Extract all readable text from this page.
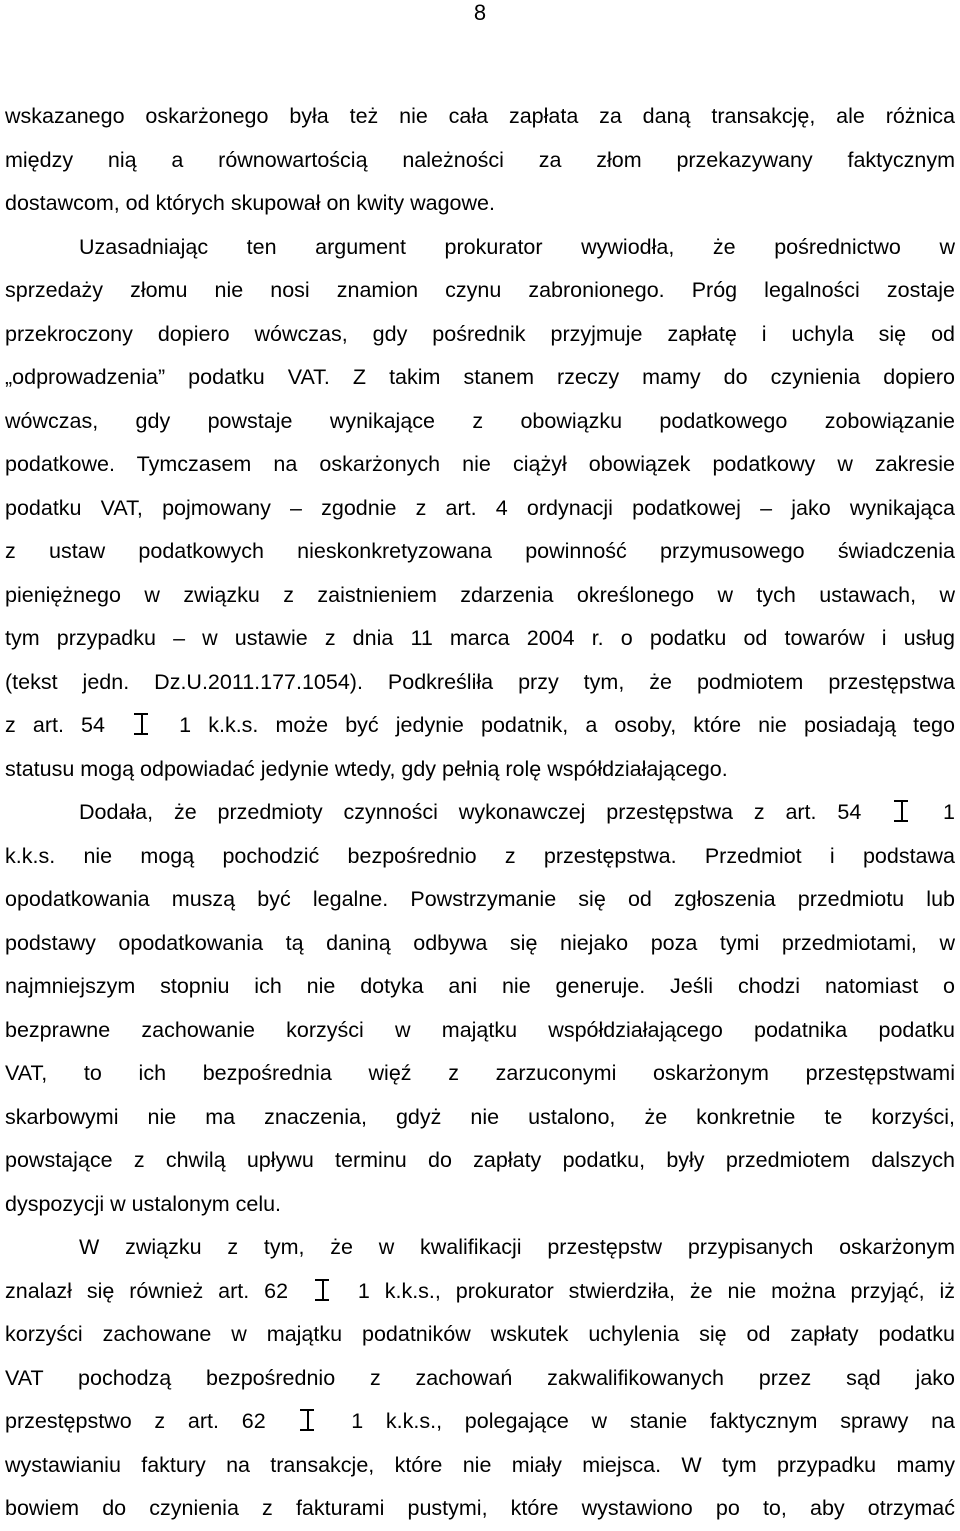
8
wskazanego oskarżonego była też nie cała zapłata za daną transakcję, ale różnica
między nią a równowartością należności za złom przekazywany faktycznym
dostawcom, od których skupował on kwity wagowe.
Uzasadniając ten argument prokurator wywiodła, że pośrednictwo w
sprzedaży złomu nie nosi znamion czynu zabronionego. Próg legalności zostaje
przekroczony dopiero wówczas, gdy pośrednik przyjmuje zapłatę i uchyla się od
„odprowadzenia” podatku VAT. Z takim stanem rzeczy mamy do czynienia dopiero
wówczas, gdy powstaje wynikające z obowiązku podatkowego zobowiązanie
podatkowe. Tymczasem na oskarżonych nie ciążył obowiązek podatkowy w zakresie
podatku VAT, pojmowany – zgodnie z art. 4 ordynacji podatkowej – jako wynikająca
z ustaw podatkowych nieskonkretyzowana powinność przymusowego świadczenia
pieniężnego w związku z zaistnieniem zdarzenia określonego w tych ustawach, w
tym przypadku – w ustawie z dnia 11 marca 2004 r. o podatku od towarów i usług
(tekst jedn. Dz.U.2011.177.1054). Podkreśliła przy tym, że podmiotem przestępstwa
z art. 54	1 k.k.s. może być jedynie podatnik, a osoby, które nie posiadają tego
statusu mogą odpowiadać jedynie wtedy, gdy pełnią rolę współdziałającego.
Dodała, że przedmioty czynności wykonawczej przestępstwa z art. 54	1
k.k.s. nie mogą pochodzić bezpośrednio z przestępstwa. Przedmiot i podstawa
opodatkowania muszą być legalne. Powstrzymanie się od zgłoszenia przedmiotu lub
podstawy opodatkowania tą daniną odbywa się niejako poza tymi przedmiotami, w
najmniejszym stopniu ich nie dotyka ani nie generuje. Jeśli chodzi natomiast o
bezprawne zachowanie korzyści w majątku współdziałającego podatnika podatku
VAT, to ich bezpośrednia więź z zarzuconymi oskarżonym przestępstwami
skarbowymi nie ma znaczenia, gdyż nie ustalono, że konkretnie te korzyści,
powstające z chwilą upływu terminu do zapłaty podatku, były przedmiotem dalszych
dyspozycji w ustalonym celu.
W związku z tym, że w kwalifikacji przestępstw przypisanych oskarżonym
znalazł się również art. 62	1 k.k.s., prokurator stwierdziła, że nie można przyjąć, iż
korzyści zachowane w majątku podatników wskutek uchylenia się od zapłaty podatku
VAT pochodzą bezpośrednio z zachowań zakwalifikowanych przez sąd jako
przestępstwo z art. 62	1 k.k.s., polegające w stanie faktycznym sprawy na
wystawianiu faktury na transakcje, które nie miały miejsca. W tym przypadku mamy
bowiem do czynienia z fakturami pustymi, które wystawiono po to, aby otrzymać
